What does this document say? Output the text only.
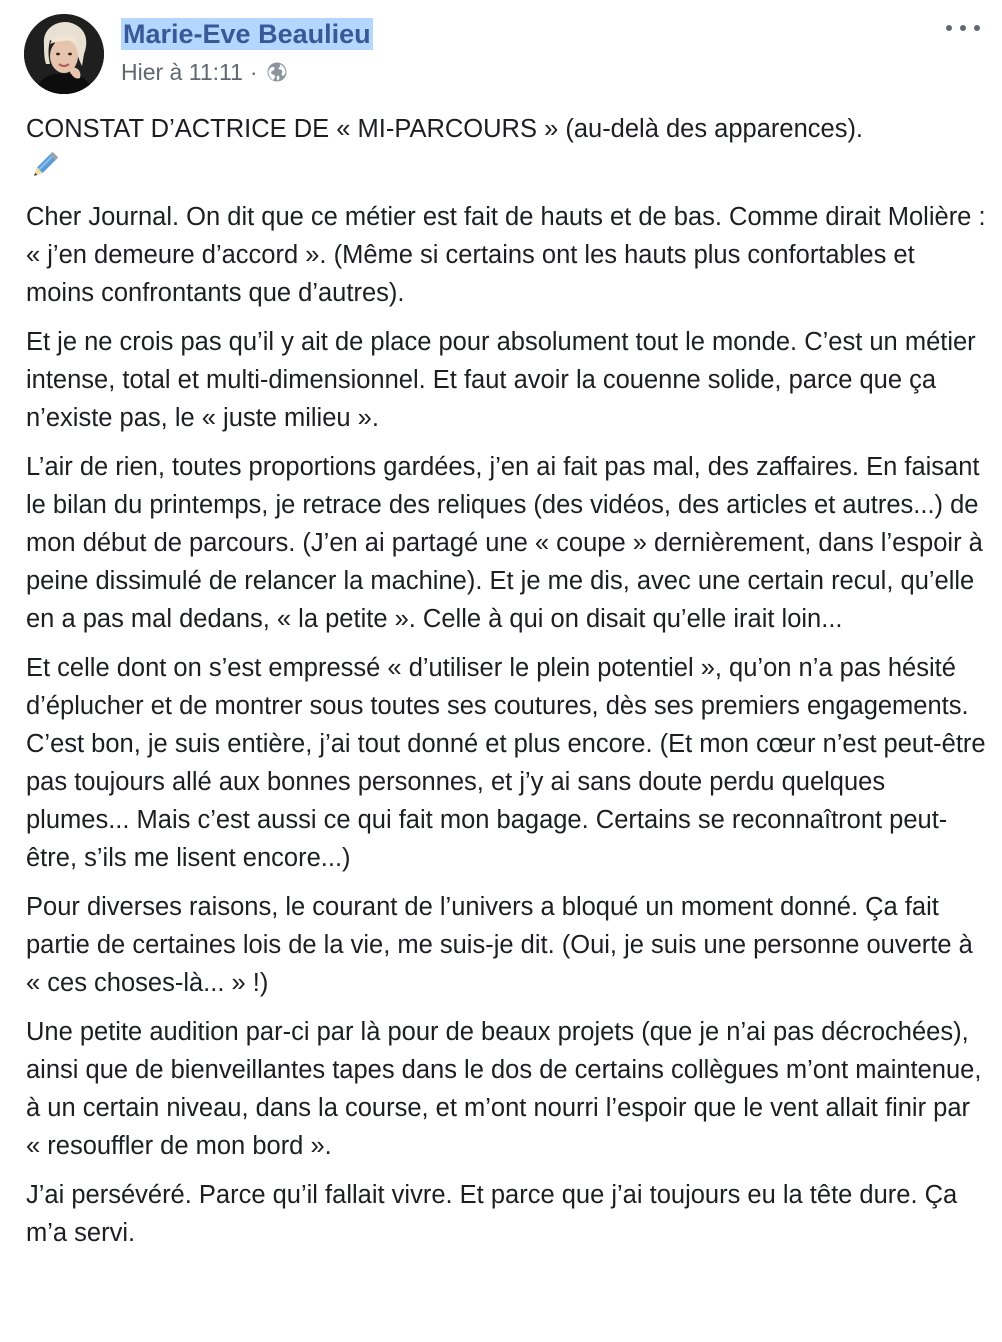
Marie-Eve Beaulieu
Hier à 11:11 ·

CONSTAT D’ACTRICE DE « MI-PARCOURS » (au-delà des apparences).

Cher Journal. On dit que ce métier est fait de hauts et de bas. Comme dirait Molière : « j’en demeure d’accord ». (Même si certains ont les hauts plus confortables et moins confrontants que d’autres).

Et je ne crois pas qu’il y ait de place pour absolument tout le monde. C’est un métier intense, total et multi-dimensionnel. Et faut avoir la couenne solide, parce que ça n’existe pas, le « juste milieu ».

L’air de rien, toutes proportions gardées, j’en ai fait pas mal, des zaffaires. En faisant le bilan du printemps, je retrace des reliques (des vidéos, des articles et autres...) de mon début de parcours. (J’en ai partagé une « coupe » dernièrement, dans l’espoir à peine dissimulé de relancer la machine). Et je me dis, avec une certain recul, qu’elle en a pas mal dedans, « la petite ». Celle à qui on disait qu’elle irait loin...

Et celle dont on s’est empressé « d’utiliser le plein potentiel », qu’on n’a pas hésité d’éplucher et de montrer sous toutes ses coutures, dès ses premiers engagements. C’est bon, je suis entière, j’ai tout donné et plus encore. (Et mon cœur n’est peut-être pas toujours allé aux bonnes personnes, et j’y ai sans doute perdu quelques plumes... Mais c’est aussi ce qui fait mon bagage. Certains se reconnaîtront peut-être, s’ils me lisent encore...)

Pour diverses raisons, le courant de l’univers a bloqué un moment donné. Ça fait partie de certaines lois de la vie, me suis-je dit. (Oui, je suis une personne ouverte à « ces choses-là... » !)

Une petite audition par-ci par là pour de beaux projets (que je n’ai pas décrochées), ainsi que de bienveillantes tapes dans le dos de certains collègues m’ont maintenue, à un certain niveau, dans la course, et m’ont nourri l’espoir que le vent allait finir par « resouffler de mon bord ».

J’ai persévéré. Parce qu’il fallait vivre. Et parce que j’ai toujours eu la tête dure. Ça m’a servi.
